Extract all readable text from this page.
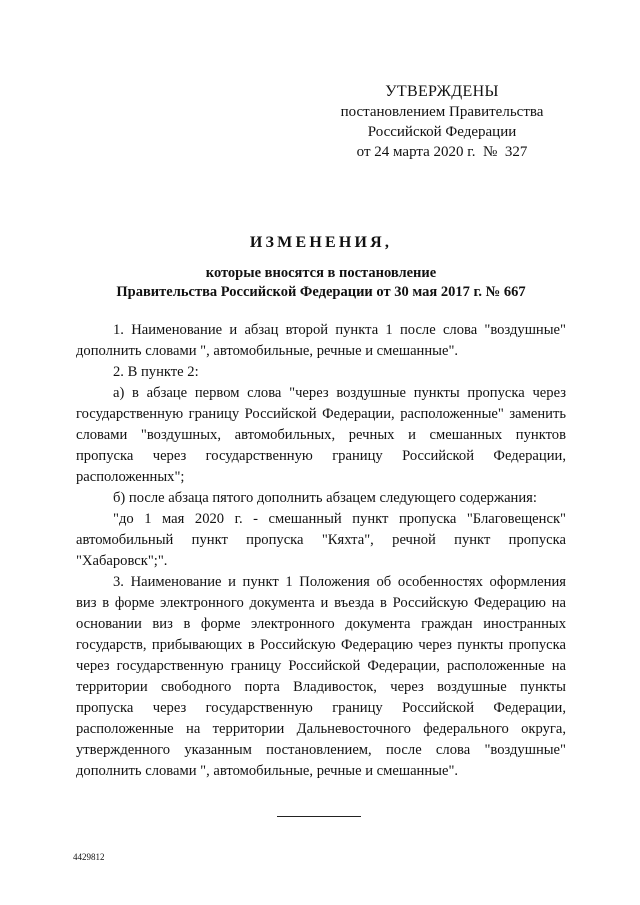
УТВЕРЖДЕНЫ
постановлением Правительства
Российской Федерации
от 24 марта 2020 г. № 327
ИЗМЕНЕНИЯ,
которые вносятся в постановление
Правительства Российской Федерации от 30 мая 2017 г. № 667

1. Наименование и абзац второй пункта 1 после слова "воздушные" дополнить словами ", автомобильные, речные и смешанные".

2. В пункте 2:

а) в абзаце первом слова "через воздушные пункты пропуска через государственную границу Российской Федерации, расположенные" заменить словами "воздушных, автомобильных, речных и смешанных пунктов пропуска через государственную границу Российской Федерации, расположенных";

б) после абзаца пятого дополнить абзацем следующего содержания:

"до 1 мая 2020 г. - смешанный пункт пропуска "Благовещенск" автомобильный пункт пропуска "Кяхта", речной пункт пропуска "Хабаровск";".

3. Наименование и пункт 1 Положения об особенностях оформления виз в форме электронного документа и въезда в Российскую Федерацию на основании виз в форме электронного документа граждан иностранных государств, прибывающих в Российскую Федерацию через пункты пропуска через государственную границу Российской Федерации, расположенные на территории свободного порта Владивосток, через воздушные пункты пропуска через государственную границу Российской Федерации, расположенные на территории Дальневосточного федерального округа, утвержденного указанным постановлением, после слова "воздушные" дополнить словами ", автомобильные, речные и смешанные".

4429812
